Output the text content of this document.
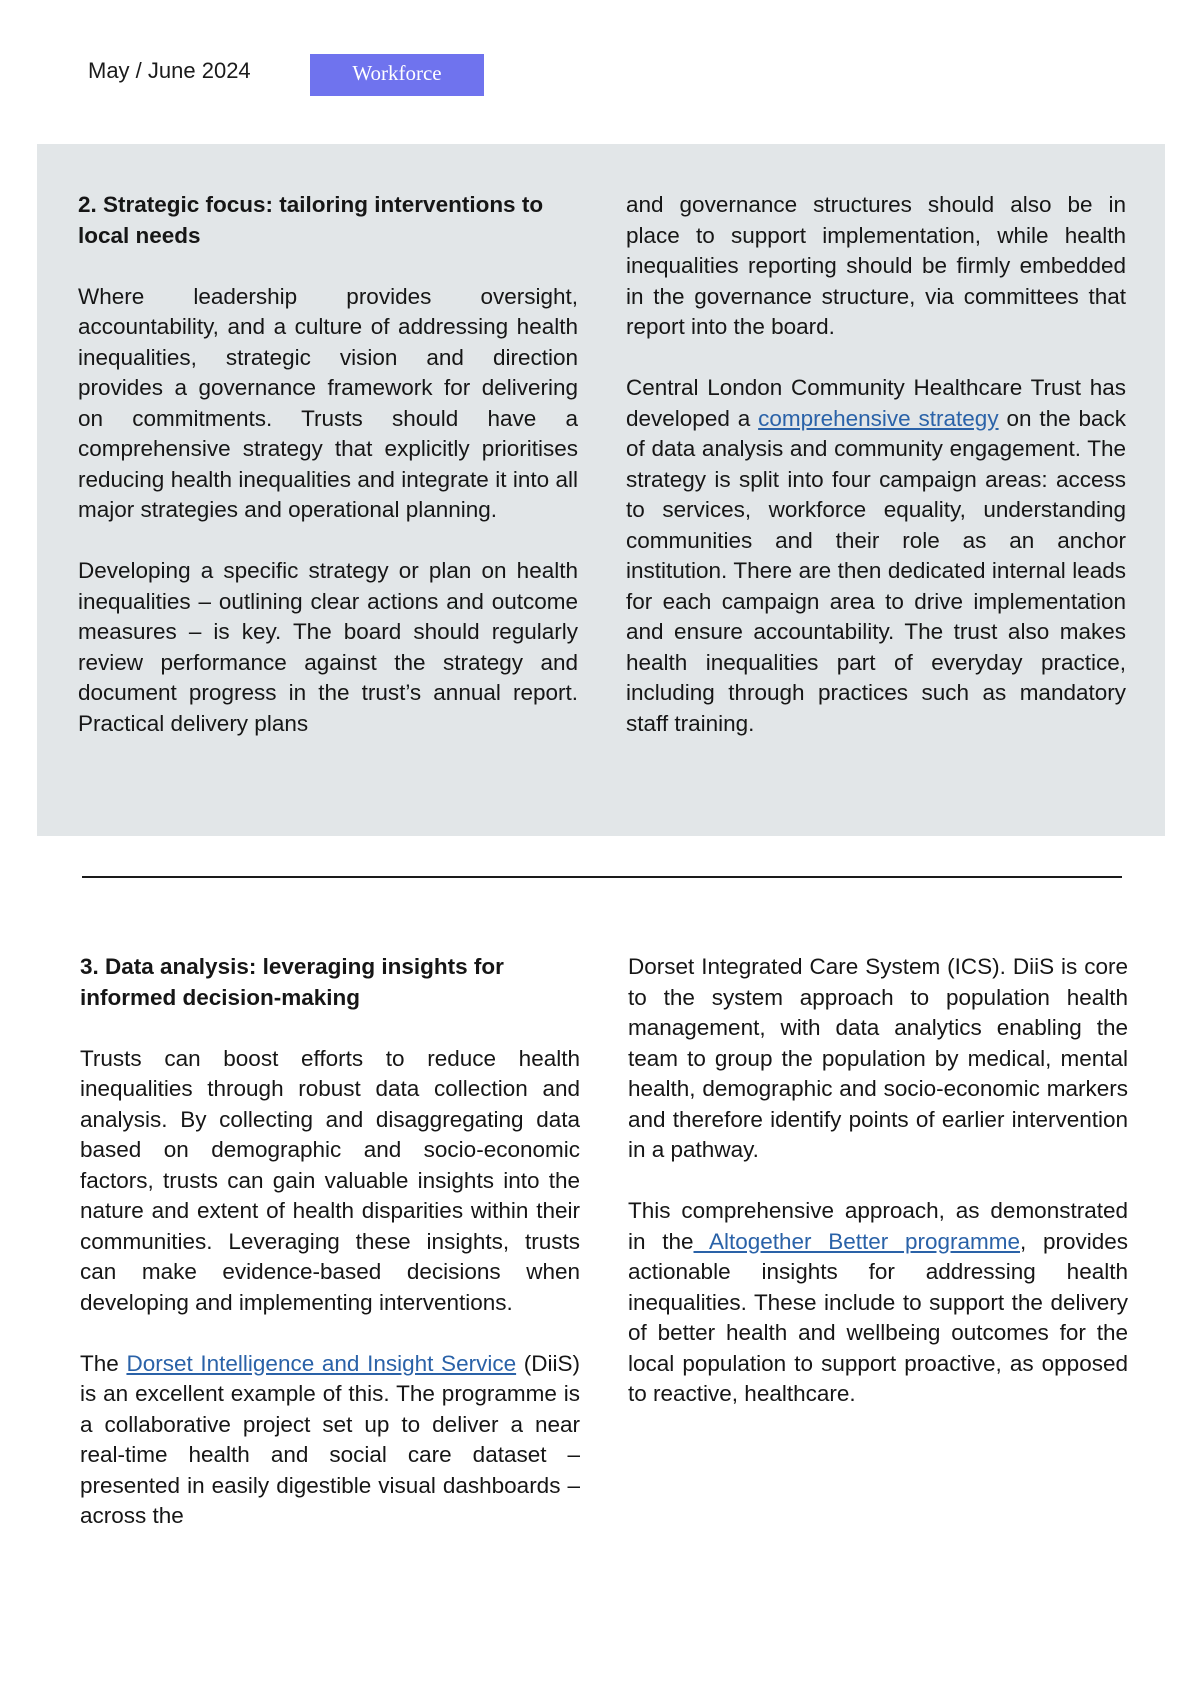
May / June 2024	Workforce

2. Strategic focus: tailoring interventions to local needs

Where leadership provides oversight, accountability, and a culture of addressing health inequalities, strategic vision and direction provides a governance framework for delivering on commitments. Trusts should have a comprehensive strategy that explicitly prioritises reducing health inequalities and integrate it into all major strategies and operational planning.

Developing a specific strategy or plan on health inequalities – outlining clear actions and outcome measures – is key. The board should regularly review performance against the strategy and document progress in the trust’s annual report. Practical delivery plans

and governance structures should also be in place to support implementation, while health inequalities reporting should be firmly embedded in the governance structure, via committees that report into the board.

Central London Community Healthcare Trust has developed a comprehensive strategy on the back of data analysis and community engagement. The strategy is split into four campaign areas: access to services, workforce equality, understanding communities and their role as an anchor institution. There are then dedicated internal leads for each campaign area to drive implementation and ensure accountability. The trust also makes health inequalities part of everyday practice, including through practices such as mandatory staff training.

3. Data analysis: leveraging insights for informed decision-making

Trusts can boost efforts to reduce health inequalities through robust data collection and analysis. By collecting and disaggregating data based on demographic and socio-economic factors, trusts can gain valuable insights into the nature and extent of health disparities within their communities. Leveraging these insights, trusts can make evidence-based decisions when developing and implementing interventions.

The Dorset Intelligence and Insight Service (DiiS) is an excellent example of this. The programme is a collaborative project set up to deliver a near real-time health and social care dataset – presented in easily digestible visual dashboards – across the

Dorset Integrated Care System (ICS). DiiS is core to the system approach to population health management, with data analytics enabling the team to group the population by medical, mental health, demographic and socio-economic markers and therefore identify points of earlier intervention in a pathway.

This comprehensive approach, as demonstrated in the Altogether Better programme, provides actionable insights for addressing health inequalities. These include to support the delivery of better health and wellbeing outcomes for the local population to support proactive, as opposed to reactive, healthcare.
